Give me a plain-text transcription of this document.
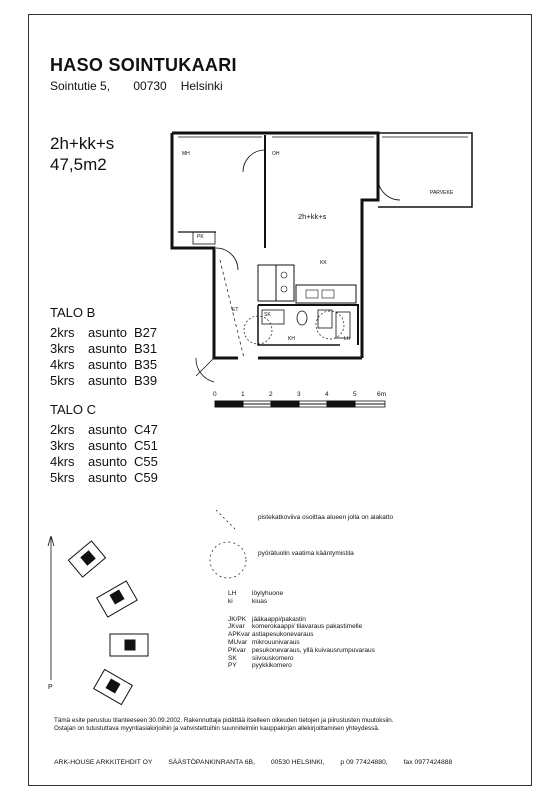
HASO SOINTUKAARI
Sointutie 5, 00730 Helsinki
2h+kk+s
47,5m2
TALO B
2krs asunto B27
3krs asunto B31
4krs asunto B35
5krs asunto B39
TALO C
2krs asunto C47
3krs asunto C51
4krs asunto C55
5krs asunto C59
MH	OH
PARVEKE
2h+kk+s
KK
ET
KH	LH
PK
SK
0	1	2	3	4	5	6m
pistekatkoviiva osoittaa alueen jolla on alakatto
pyörätuolin vaatima kääntymistila
P
LH löylyhuone
ki	kiuas
JK/PK jääkaappi/pakastin
JKvar komerokaappi/ tilavaraus pakastimelle
APKvar astiapesukonevaraus
MUvar mikrouunivaraus
PKvar pesukonevaraus, yllä kuivausrumpuvaraus
SK siivouskomero
PY pyykkikomero
Tämä esite perustuu tilanteeseen 30.09.2002. Rakennuttaja pidättää itselleen oikeuden tietojen ja piirustusten muutoksiin.
Ostajan on tutustuttava myyntiasiakirjoihin ja vahvistettuihin suunnitelmiin kauppakirjan allekirjoittamisen yhteydessä.
ARK-HOUSE ARKKITEHDIT OY SÄÄSTÖPANKINRANTA 6B, 00530 HELSINKI, p 09 77424880, fax 0977424888
